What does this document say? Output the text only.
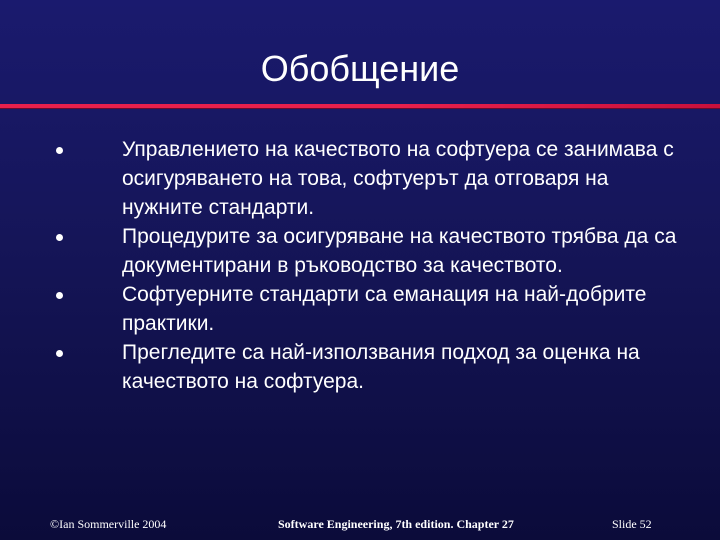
Обобщение
Управлението на качеството на софтуера се занимава с осигуряването на това, софтуерът да отговаря на нужните стандарти.
Процедурите за осигуряване на качеството трябва да са документирани в ръководство за качеството.
Софтуерните стандарти са еманация на най-добрите практики.
Прегледите са най-използвания подход за оценка на качеството на софтуера.
©Ian Sommerville 2004	Software Engineering, 7th edition. Chapter 27	Slide 52
